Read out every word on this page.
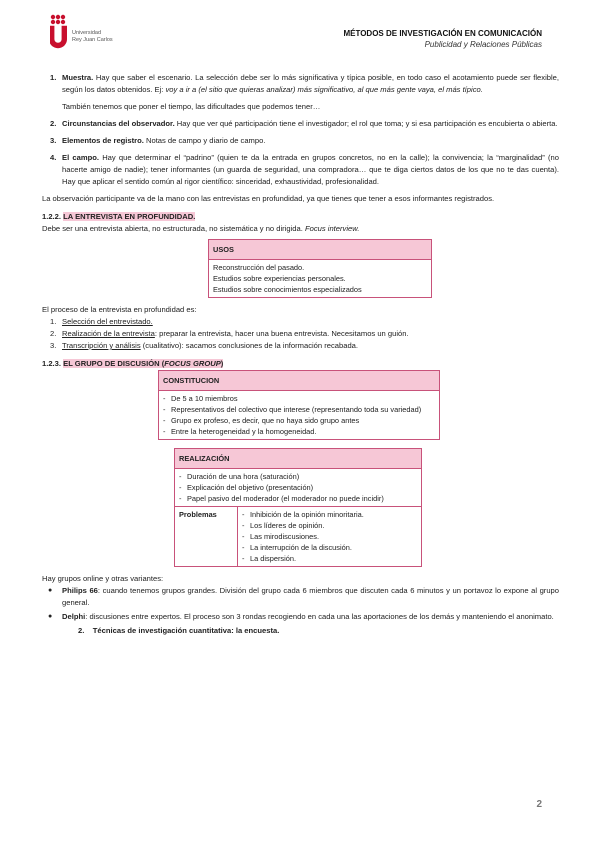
Universidad
Rey Juan Carlos
MÉTODOS DE INVESTIGACIÓN EN COMUNICACIÓN
Publicidad y Relaciones Públicas
1. Muestra. Hay que saber el escenario. La selección debe ser lo más significativa y típica posible, en todo caso el acotamiento puede ser flexible, según los datos obtenidos. Ej: voy a ir a (el sitio que quieras analizar) más significativo, al que más gente vaya, el más típico.

También tenemos que poner el tiempo, las dificultades que podemos tener…

2. Circunstancias del observador. Hay que ver qué participación tiene el investigador; el rol que toma; y si esa participación es encubierta o abierta.
3. Elementos de registro. Notas de campo y diario de campo.
4. El campo. Hay que determinar el “padrino” (quien te da la entrada en grupos concretos, no en la calle); la convivencia; la “marginalidad” (no hacerte amigo de nadie); tener informantes (un guarda de seguridad, una compradora… que te diga ciertos datos de los que no te das cuenta). Hay que aplicar el sentido común al rigor científico: sinceridad, exhaustividad, profesionalidad.

La observación participante va de la mano con las entrevistas en profundidad, ya que tienes que tener a esos informantes registrados.

1.2.2. LA ENTREVISTA EN PROFUNDIDAD.

Debe ser una entrevista abierta, no estructurada, no sistemática y no dirigida. Focus interview.

USOS

Reconstrucción del pasado.
Estudios sobre experiencias personales.
Estudios sobre conocimientos especializados

El proceso de la entrevista en profundidad es:

1. Selección del entrevistado.
2. Realización de la entrevista: preparar la entrevista, hacer una buena entrevista. Necesitamos un guión.
3. Transcripción y análisis (cualitativo): sacamos conclusiones de la información recabada.

1.2.3. EL GRUPO DE DISCUSIÓN (FOCUS GROUP)

CONSTITUCION

- De 5 a 10 miembros
- Representativos del colectivo que interese (representando toda su variedad)
- Grupo ex profeso, es decir, que no haya sido grupo antes
- Entre la heterogeneidad y la homogeneidad.
REALIZACIÓN

- Duración de una hora (saturación)
- Explicación del objetivo (presentación)
- Papel pasivo del moderador (el moderador no puede incidir)

Problemas	
-Inhibición de la opinión minoritaria.
- Los líderes de opinión.
- Las mirodiscusiones.
- La interrupción de la discusión.
- La dispersión.

Hay grupos online y otras variantes:

● Philips 66: cuando tenemos grupos grandes. División del grupo cada 6 miembros que discuten cada 6 minutos y un portavoz lo expone al grupo general.
● Delphi: discusiones entre expertos. El proceso son 3 rondas recogiendo en cada una las aportaciones de los demás y manteniendo el anonimato.

2. Técnicas de investigación cuantitativa: la encuesta.

2
